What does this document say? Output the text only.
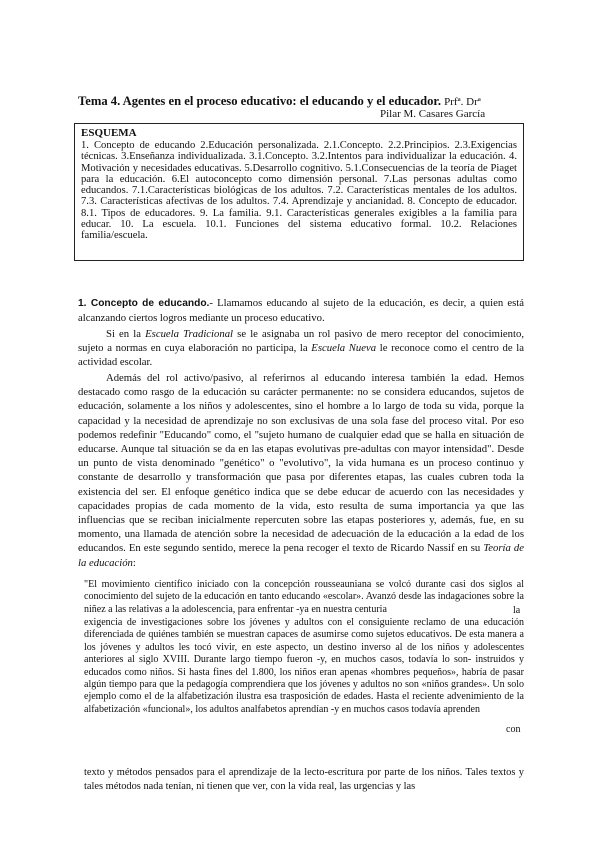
Tema 4. Agentes en el proceso educativo: el educando y el educador. Prfª. Drª
Pilar M. Casares García
ESQUEMA

1. Concepto de educando 2.Educación personalizada. 2.1.Concepto. 2.2.Principios. 2.3.Exigencias técnicas. 3.Enseñanza individualizada. 3.1.Concepto. 3.2.Intentos para individualizar la educación. 4. Motivación y necesidades educativas. 5.Desarrollo cognitivo. 5.1.Consecuencias de la teoría de Piaget para la educación. 6.El autoconcepto como dimensión personal. 7.Las personas adultas como educandos. 7.1.Características biológicas de los adultos. 7.2. Características mentales de los adultos. 7.3. Características afectivas de los adultos. 7.4. Aprendizaje y ancianidad. 8. Concepto de educador. 8.1. Tipos de educadores. 9. La familia. 9.1. Características generales exigibles a la familia para educar. 10. La escuela. 10.1. Funciones del sistema educativo formal. 10.2. Relaciones familia/escuela.

1. Concepto de educando.- Llamamos educando al sujeto de la educación, es decir, a quien está alcanzando ciertos logros mediante un proceso educativo.

Si en la Escuela Tradicional se le asignaba un rol pasivo de mero receptor del conocimiento, sujeto a normas en cuya elaboración no participa, la Escuela Nueva le reconoce como el centro de la actividad escolar.

Además del rol activo/pasivo, al referirnos al educando interesa también la edad. Hemos destacado como rasgo de la educación su carácter permanente: no se considera educandos, sujetos de educación, solamente a los niños y adolescentes, sino el hombre a lo largo de toda su vida, porque la capacidad y la necesidad de aprendizaje no son exclusivas de una sola fase del proceso vital. Por eso podemos redefinir "Educando" como, el "sujeto humano de cualquier edad que se halla en situación de educarse. Aunque tal situación se da en las etapas evolutivas pre-adultas con mayor intensidad". Desde un punto de vista denominado "genético" o "evolutivo", la vida humana es un proceso continuo y constante de desarrollo y transformación que pasa por diferentes etapas, las cuales cubren toda la existencia del ser. El enfoque genético indica que se debe educar de acuerdo con las necesidades y capacidades propias de cada momento de la vida, esto resulta de suma importancia ya que las influencias que se reciban inicialmente repercuten sobre las etapas posteriores y, además, fue, en su momento, una llamada de atención sobre la necesidad de adecuación de la educación a la edad de los educandos. En este segundo sentido, merece la pena recoger el texto de Ricardo Nassif en su Teoría de la educación:

"El movimiento científico iniciado con la concepción rousseauniana se volcó durante casi dos siglos al conocimiento del sujeto de la educación en tanto educando «escolar». Avanzó desde las indagaciones sobre la niñez a las relativas a la adolescencia, para enfrentar -ya en nuestra centuria	la

exigencia de investigaciones sobre los jóvenes y adultos con el consiguiente reclamo de una educación diferenciada de quiénes también se muestran capaces de asumirse como sujetos educativos. De esta manera a los jóvenes y adultos les tocó vivir, en este aspecto, un destino inverso al de los niños y adolescentes anteriores al siglo XVIII. Durante largo tiempo fueron -y, en muchos casos, todavía lo son- instruidos y educados como niños. Si hasta fines del 1.800, los niños eran apenas «hombres pequeños», habría de pasar algún tiempo para que la pedagogía comprendiera que los jóvenes y adultos no son «niños grandes». Un solo ejemplo como el de la alfabetización ilustra esa trasposición de edades. Hasta el reciente advenimiento de la alfabetización «funcional», los adultos analfabetos aprendían -y en muchos casos todavía aprenden

con

texto y métodos pensados para el aprendizaje de la lecto-escritura por parte de los niños. Tales textos y tales métodos nada tenían, ni tienen que ver, con la vida real, las urgencias y las
